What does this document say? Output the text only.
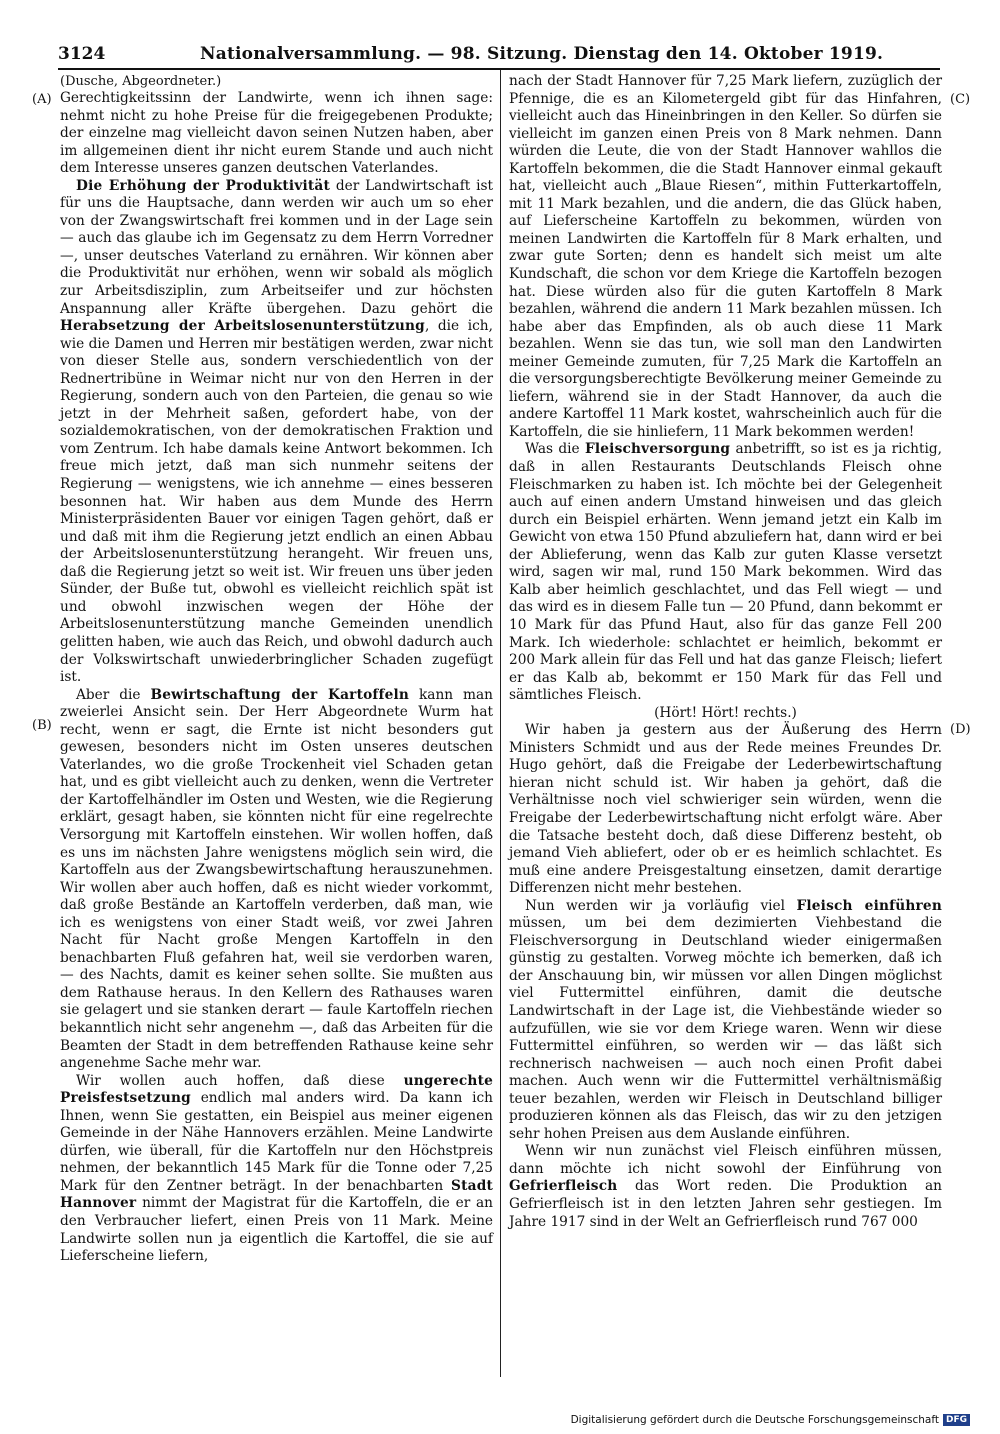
3124	Nationalversammlung. — 98. Sitzung. Dienstag den 14. Oktober 1919.
(Dusche, Abgeordneter.)
(A)
(B)
(C)
(D)

Gerechtigkeitssinn der Landwirte, wenn ich ihnen sage: nehmt nicht zu hohe Preise für die freigegebenen Produkte; der einzelne mag vielleicht davon seinen Nutzen haben, aber im allgemeinen dient ihr nicht eurem Stande und auch nicht dem Interesse unseres ganzen deutschen Vaterlandes.

Die Erhöhung der Produktivität der Landwirtschaft ist für uns die Hauptsache, dann werden wir auch um so eher von der Zwangswirtschaft frei kommen und in der Lage sein — auch das glaube ich im Gegensatz zu dem Herrn Vorredner —, unser deutsches Vaterland zu ernähren. Wir können aber die Produktivität nur erhöhen, wenn wir sobald als möglich zur Arbeitsdisziplin, zum Arbeitseifer und zur höchsten Anspannung aller Kräfte übergehen. Dazu gehört die Herabsetzung der Arbeitslosenunterstützung, die ich, wie die Damen und Herren mir bestätigen werden, zwar nicht von dieser Stelle aus, sondern verschiedentlich von der Rednertribüne in Weimar nicht nur von den Herren in der Regierung, sondern auch von den Parteien, die genau so wie jetzt in der Mehrheit saßen, gefordert habe, von der sozialdemokratischen, von der demokratischen Fraktion und vom Zentrum. Ich habe damals keine Antwort bekommen. Ich freue mich jetzt, daß man sich nunmehr seitens der Regierung — wenigstens, wie ich annehme — eines besseren besonnen hat. Wir haben aus dem Munde des Herrn Ministerpräsidenten Bauer vor einigen Tagen gehört, daß er und daß mit ihm die Regierung jetzt endlich an einen Abbau der Arbeitslosenunterstützung herangeht. Wir freuen uns, daß die Regierung jetzt so weit ist. Wir freuen uns über jeden Sünder, der Buße tut, obwohl es vielleicht reichlich spät ist und obwohl inzwischen wegen der Höhe der Arbeitslosenunterstützung manche Gemeinden unendlich gelitten haben, wie auch das Reich, und obwohl dadurch auch der Volkswirtschaft unwiederbringlicher Schaden zugefügt ist.

Aber die Bewirtschaftung der Kartoffeln kann man zweierlei Ansicht sein. Der Herr Abgeordnete Wurm hat recht, wenn er sagt, die Ernte ist nicht besonders gut gewesen, besonders nicht im Osten unseres deutschen Vaterlandes, wo die große Trockenheit viel Schaden getan hat, und es gibt vielleicht auch zu denken, wenn die Vertreter der Kartoffelhändler im Osten und Westen, wie die Regierung erklärt, gesagt haben, sie könnten nicht für eine regelrechte Versorgung mit Kartoffeln einstehen. Wir wollen hoffen, daß es uns im nächsten Jahre wenigstens möglich sein wird, die Kartoffeln aus der Zwangsbewirtschaftung herauszunehmen. Wir wollen aber auch hoffen, daß es nicht wieder vorkommt, daß große Bestände an Kartoffeln verderben, daß man, wie ich es wenigstens von einer Stadt weiß, vor zwei Jahren Nacht für Nacht große Mengen Kartoffeln in den benachbarten Fluß gefahren hat, weil sie verdorben waren, — des Nachts, damit es keiner sehen sollte. Sie mußten aus dem Rathause heraus. In den Kellern des Rathauses waren sie gelagert und sie stanken derart — faule Kartoffeln riechen bekanntlich nicht sehr angenehm —, daß das Arbeiten für die Beamten der Stadt in dem betreffenden Rathause keine sehr angenehme Sache mehr war.

Wir wollen auch hoffen, daß diese ungerechte Preisfestsetzung endlich mal anders wird. Da kann ich Ihnen, wenn Sie gestatten, ein Beispiel aus meiner eigenen Gemeinde in der Nähe Hannovers erzählen. Meine Landwirte dürfen, wie überall, für die Kartoffeln nur den Höchstpreis nehmen, der bekanntlich 145 Mark für die Tonne oder 7,25 Mark für den Zentner beträgt. In der benachbarten Stadt Hannover nimmt der Magistrat für die Kartoffeln, die er an den Verbraucher liefert, einen Preis von 11 Mark. Meine Landwirte sollen nun ja eigentlich die Kartoffel, die sie auf Lieferscheine liefern,

nach der Stadt Hannover für 7,25 Mark liefern, zuzüglich der Pfennige, die es an Kilometergeld gibt für das Hinfahren, vielleicht auch das Hineinbringen in den Keller. So dürfen sie vielleicht im ganzen einen Preis von 8 Mark nehmen. Dann würden die Leute, die von der Stadt Hannover wahllos die Kartoffeln bekommen, die die Stadt Hannover einmal gekauft hat, vielleicht auch „Blaue Riesen“, mithin Futterkartoffeln, mit 11 Mark bezahlen, und die andern, die das Glück haben, auf Lieferscheine Kartoffeln zu bekommen, würden von meinen Landwirten die Kartoffeln für 8 Mark erhalten, und zwar gute Sorten; denn es handelt sich meist um alte Kundschaft, die schon vor dem Kriege die Kartoffeln bezogen hat. Diese würden also für die guten Kartoffeln 8 Mark bezahlen, während die andern 11 Mark bezahlen müssen. Ich habe aber das Empfinden, als ob auch diese 11 Mark bezahlen. Wenn sie das tun, wie soll man den Landwirten meiner Gemeinde zumuten, für 7,25 Mark die Kartoffeln an die versorgungsberechtigte Bevölkerung meiner Gemeinde zu liefern, während sie in der Stadt Hannover, da auch die andere Kartoffel 11 Mark kostet, wahrscheinlich auch für die Kartoffeln, die sie hinliefern, 11 Mark bekommen werden!

Was die Fleischversorgung anbetrifft, so ist es ja richtig, daß in allen Restaurants Deutschlands Fleisch ohne Fleischmarken zu haben ist. Ich möchte bei der Gelegenheit auch auf einen andern Umstand hinweisen und das gleich durch ein Beispiel erhärten. Wenn jemand jetzt ein Kalb im Gewicht von etwa 150 Pfund abzuliefern hat, dann wird er bei der Ablieferung, wenn das Kalb zur guten Klasse versetzt wird, sagen wir mal, rund 150 Mark bekommen. Wird das Kalb aber heimlich geschlachtet, und das Fell wiegt — und das wird es in diesem Falle tun — 20 Pfund, dann bekommt er 10 Mark für das Pfund Haut, also für das ganze Fell 200 Mark. Ich wiederhole: schlachtet er heimlich, bekommt er 200 Mark allein für das Fell und hat das ganze Fleisch; liefert er das Kalb ab, bekommt er 150 Mark für das Fell und sämtliches Fleisch.

(Hört! Hört! rechts.)

Wir haben ja gestern aus der Äußerung des Herrn Ministers Schmidt und aus der Rede meines Freundes Dr. Hugo gehört, daß die Freigabe der Lederbewirtschaftung hieran nicht schuld ist. Wir haben ja gehört, daß die Verhältnisse noch viel schwieriger sein würden, wenn die Freigabe der Lederbewirtschaftung nicht erfolgt wäre. Aber die Tatsache besteht doch, daß diese Differenz besteht, ob jemand Vieh abliefert, oder ob er es heimlich schlachtet. Es muß eine andere Preisgestaltung einsetzen, damit derartige Differenzen nicht mehr bestehen.

Nun werden wir ja vorläufig viel Fleisch einführen müssen, um bei dem dezimierten Viehbestand die Fleischversorgung in Deutschland wieder einigermaßen günstig zu gestalten. Vorweg möchte ich bemerken, daß ich der Anschauung bin, wir müssen vor allen Dingen möglichst viel Futtermittel einführen, damit die deutsche Landwirtschaft in der Lage ist, die Viehbestände wieder so aufzufüllen, wie sie vor dem Kriege waren. Wenn wir diese Futtermittel einführen, so werden wir — das läßt sich rechnerisch nachweisen — auch noch einen Profit dabei machen. Auch wenn wir die Futtermittel verhältnismäßig teuer bezahlen, werden wir Fleisch in Deutschland billiger produzieren können als das Fleisch, das wir zu den jetzigen sehr hohen Preisen aus dem Auslande einführen.

Wenn wir nun zunächst viel Fleisch einführen müssen, dann möchte ich nicht sowohl der Einführung von Gefrierfleisch das Wort reden. Die Produktion an Gefrierfleisch ist in den letzten Jahren sehr gestiegen. Im Jahre 1917 sind in der Welt an Gefrierfleisch rund 767 000

Digitalisierung gefördert durch die Deutsche Forschungsgemeinschaft DFG
